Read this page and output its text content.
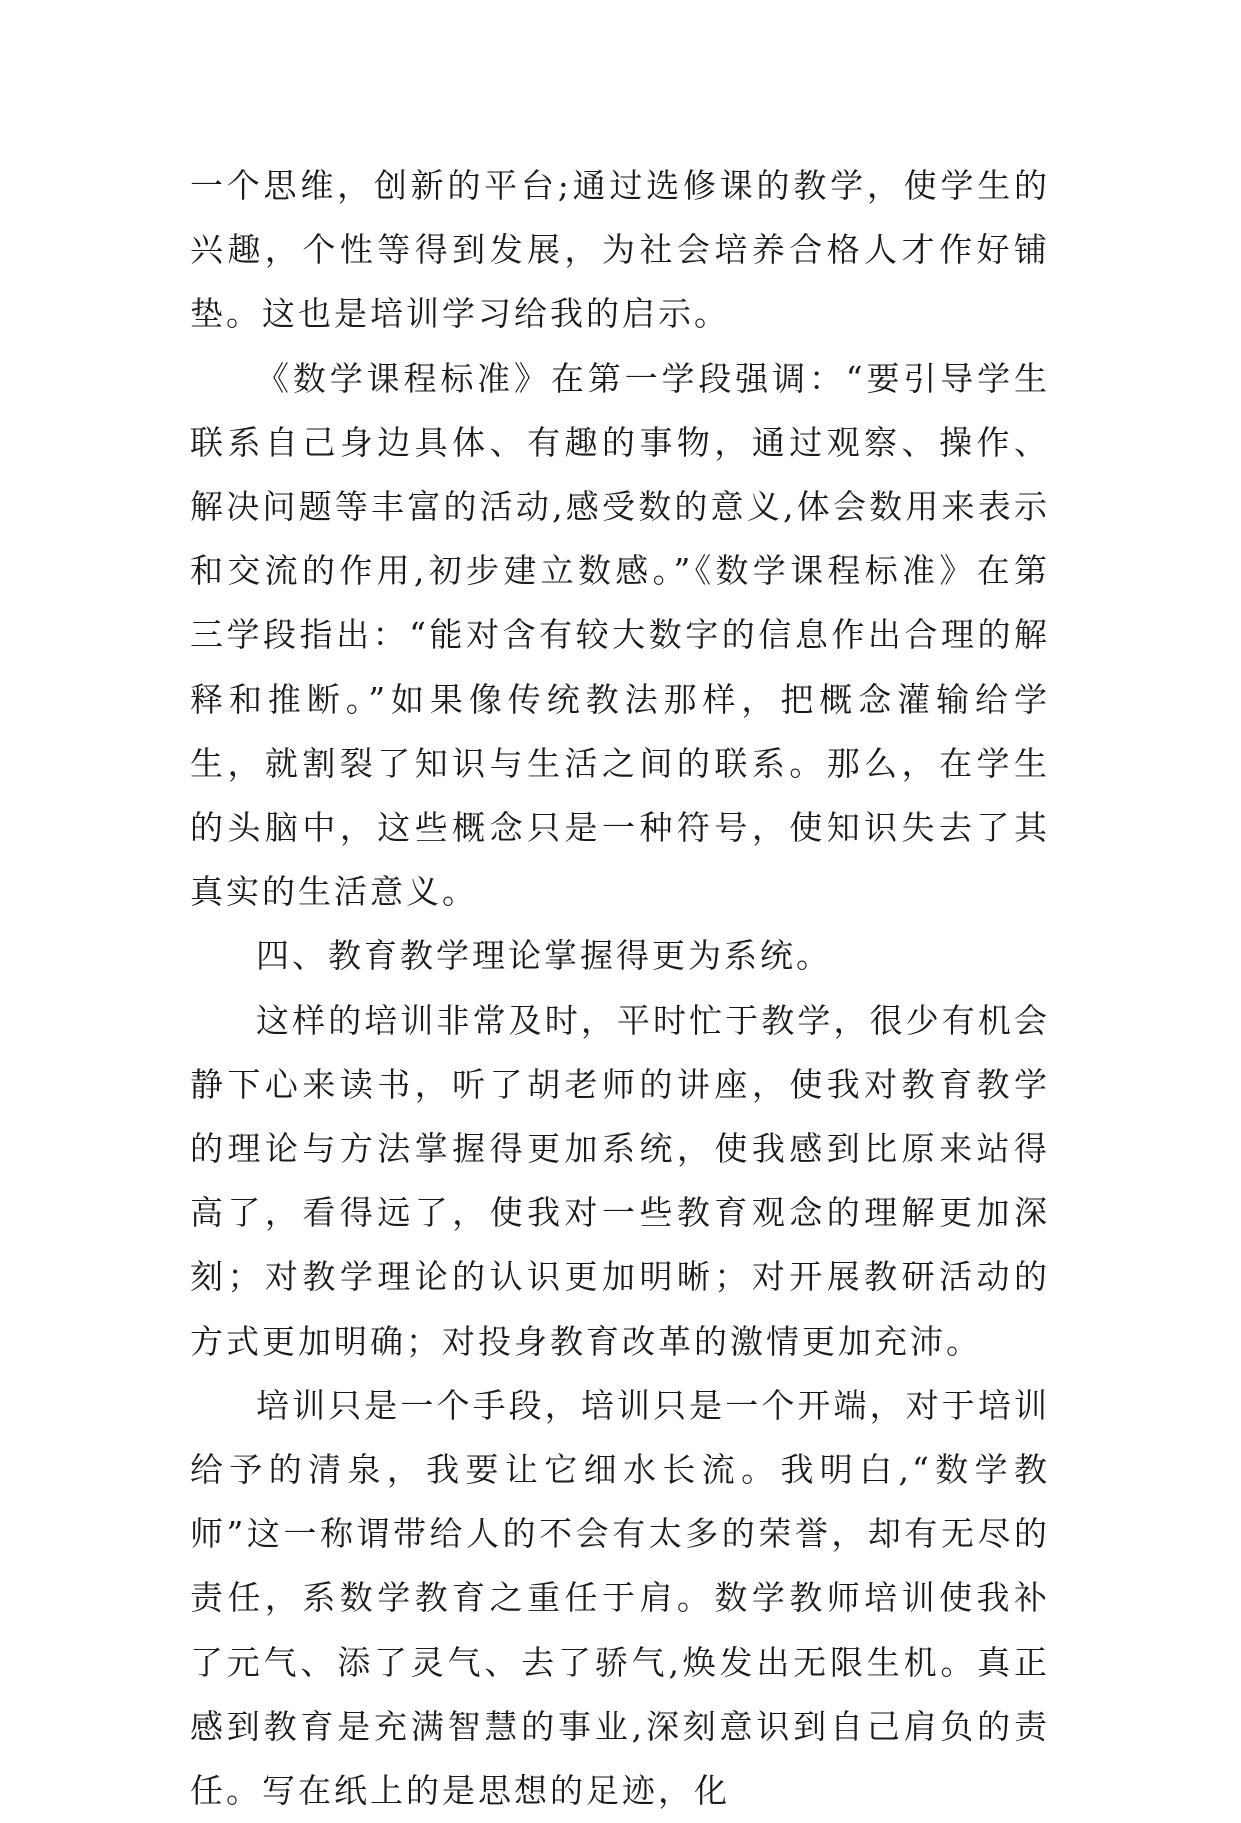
一个思维，创新的平台;通过选修课的教学，使学生的兴趣，个性等得到发展，为社会培养合格人才作好铺垫。这也是培训学习给我的启示。

《数学课程标准》在第一学段强调：“要引导学生联系自己身边具体、有趣的事物，通过观察、操作、解决问题等丰富的活动,感受数的意义,体会数用来表示和交流的作用,初步建立数感。”《数学课程标准》在第三学段指出：“能对含有较大数字的信息作出合理的解释和推断。”如果像传统教法那样，把概念灌输给学生，就割裂了知识与生活之间的联系。那么，在学生的头脑中，这些概念只是一种符号，使知识失去了其真实的生活意义。

四、教育教学理论掌握得更为系统。

这样的培训非常及时，平时忙于教学，很少有机会静下心来读书，听了胡老师的讲座，使我对教育教学的理论与方法掌握得更加系统，使我感到比原来站得高了，看得远了，使我对一些教育观念的理解更加深刻；对教学理论的认识更加明晰；对开展教研活动的方式更加明确；对投身教育改革的激情更加充沛。

培训只是一个手段，培训只是一个开端，对于培训给予的清泉，我要让它细水长流。我明白,“数学教师”这一称谓带给人的不会有太多的荣誉，却有无尽的责任，系数学教育之重任于肩。数学教师培训使我补了元气、添了灵气、去了骄气,焕发出无限生机。真正感到教育是充满智慧的事业,深刻意识到自己肩负的责任。写在纸上的是思想的足迹，化
